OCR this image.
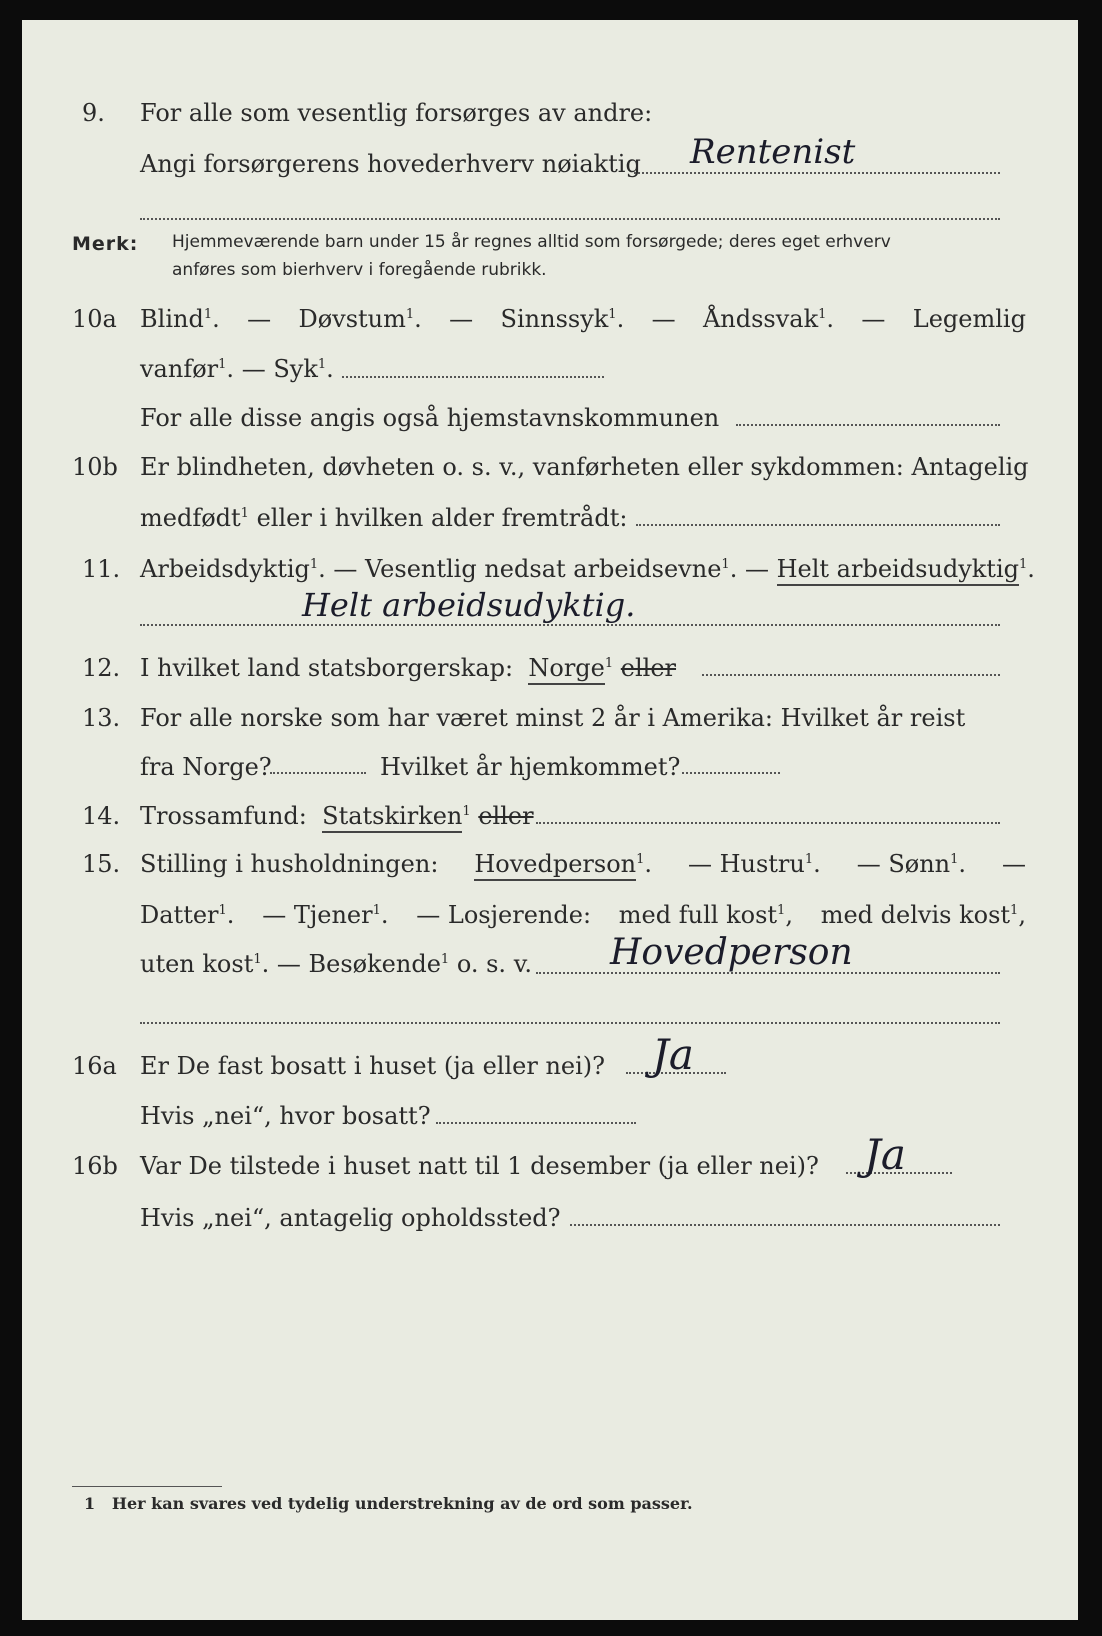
9. For alle som vesentlig forsørges av andre:
Angi forsørgerens hovederhverv nøiaktig Rentenist
Merk: Hjemmeværende barn under 15 år regnes alltid som forsørgede; deres eget erhverv
anføres som bierhverv i foregående rubrikk.
10a Blind$^1$. — Døvstum$^1$. — Sinnssyk$^1$. — Åndssvak$^1$. — Legemlig
vanfør$^1$. — Syk$^1$.
For alle disse angis også hjemstavnskommunen
10b Er blindheten, døvheten o. s. v., vanførheten eller sykdommen: Antagelig
medfødt$^1$ eller i hvilken alder fremtrådt:
11. Arbeidsdyktig$^1$. — Vesentlig nedsat arbeidsevne$^1$. — Helt arbeidsudyktig$^1$.
Helt arbeidsudyktig.
12. I hvilket land statsborgerskap: Norge$^1$ eller
13. For alle norske som har været minst 2 år i Amerika: Hvilket år reist
fra Norge?	Hvilket år hjemkommet?
14. Trossamfund: Statskirken$^1$ eller
15. Stilling i husholdningen: Hovedperson$^1$. — Hustru$^1$. — Sønn$^1$. —
Datter$^1$. — Tjener$^1$. — Losjerende: med full kost$^1$, med delvis kost$^1$,
uten kost$^1$. — Besøkende$^1$ o. s. v. Hovedperson
16a Er De fast bosatt i huset (ja eller nei)? Ja
Hvis „nei“, hvor bosatt?
16b Var De tilstede i huset natt til 1 desember (ja eller nei)? Ja
Hvis „nei“, antagelig opholdssted?
1 Her kan svares ved tydelig understrekning av de ord som passer.
